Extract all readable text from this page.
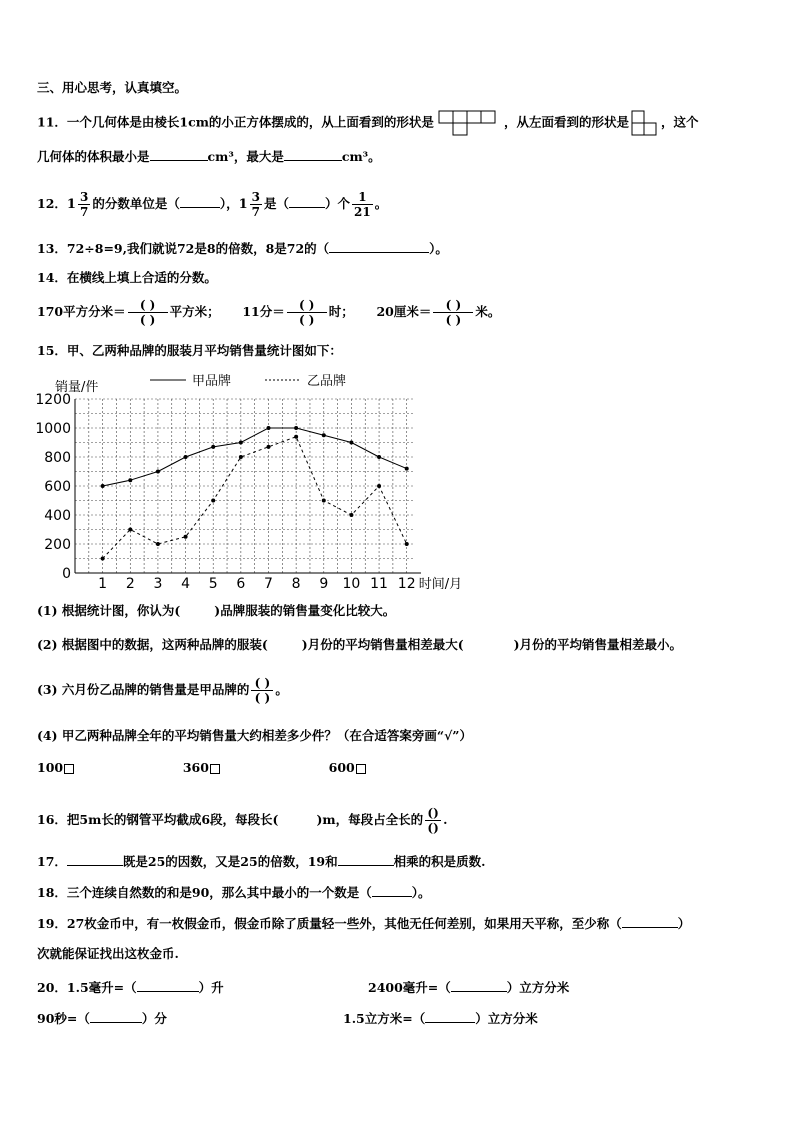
三、用心思考，认真填空。
11．一个几何体是由棱长1cm的小正方体摆成的，从上面看到的形状是	，从左面看到的形状是	，这个
几何体的体积最小是	cm³，最大是	cm³。
12．$1 \frac{3}{7}$ 的分数单位是（	），$1 \frac{3}{7}$ 是（	）个 $\frac{1}{21}$ 。
13．72÷8=9,我们就说72是8的倍数，8是72的（	）。
14．在横线上填上合适的分数。
170平方分米＝ $\frac{( )}{( )}$ 平方米； 11分＝ $\frac{( )}{( )}$ 时； 20厘米＝ $\frac{( )}{( )}$ 米。
15．甲、乙两种品牌的服装月平均销售量统计图如下：
0
200
400
600
800
1000
1200
1 2 3 4 5 6 7 8 9 10 11 12 时间/月
销量/件	甲品牌	乙品牌
(1) 根据统计图，你认为(	)品牌服装的销售量变化比较大。
(2) 根据图中的数据，这两种品牌的服装(	)月份的平均销售量相差最大(	)月份的平均销售量相差最小。
(3) 六月份乙品牌的销售量是甲品牌的 $\frac{( )}{( )}$ 。
(4) 甲乙两种品牌全年的平均销售量大约相差多少件？（在合适答案旁画“√”）
100	360	600
16．把5m长的钢管平均截成6段，每段长(	)m，每段占全长的 $\frac{()}{()}$ .
17．	既是25的因数，又是25的倍数，19和	相乘的积是质数.
18．三个连续自然数的和是90，那么其中最小的一个数是（	）。
19．27枚金币中，有一枚假金币，假金币除了质量轻一些外，其他无任何差别，如果用天平称，至少称（	）
次就能保证找出这枚金币.
20．1.5毫升=（	）升	2400毫升=（	）立方分米
90秒=（	）分	1.5立方米=（	）立方分米
